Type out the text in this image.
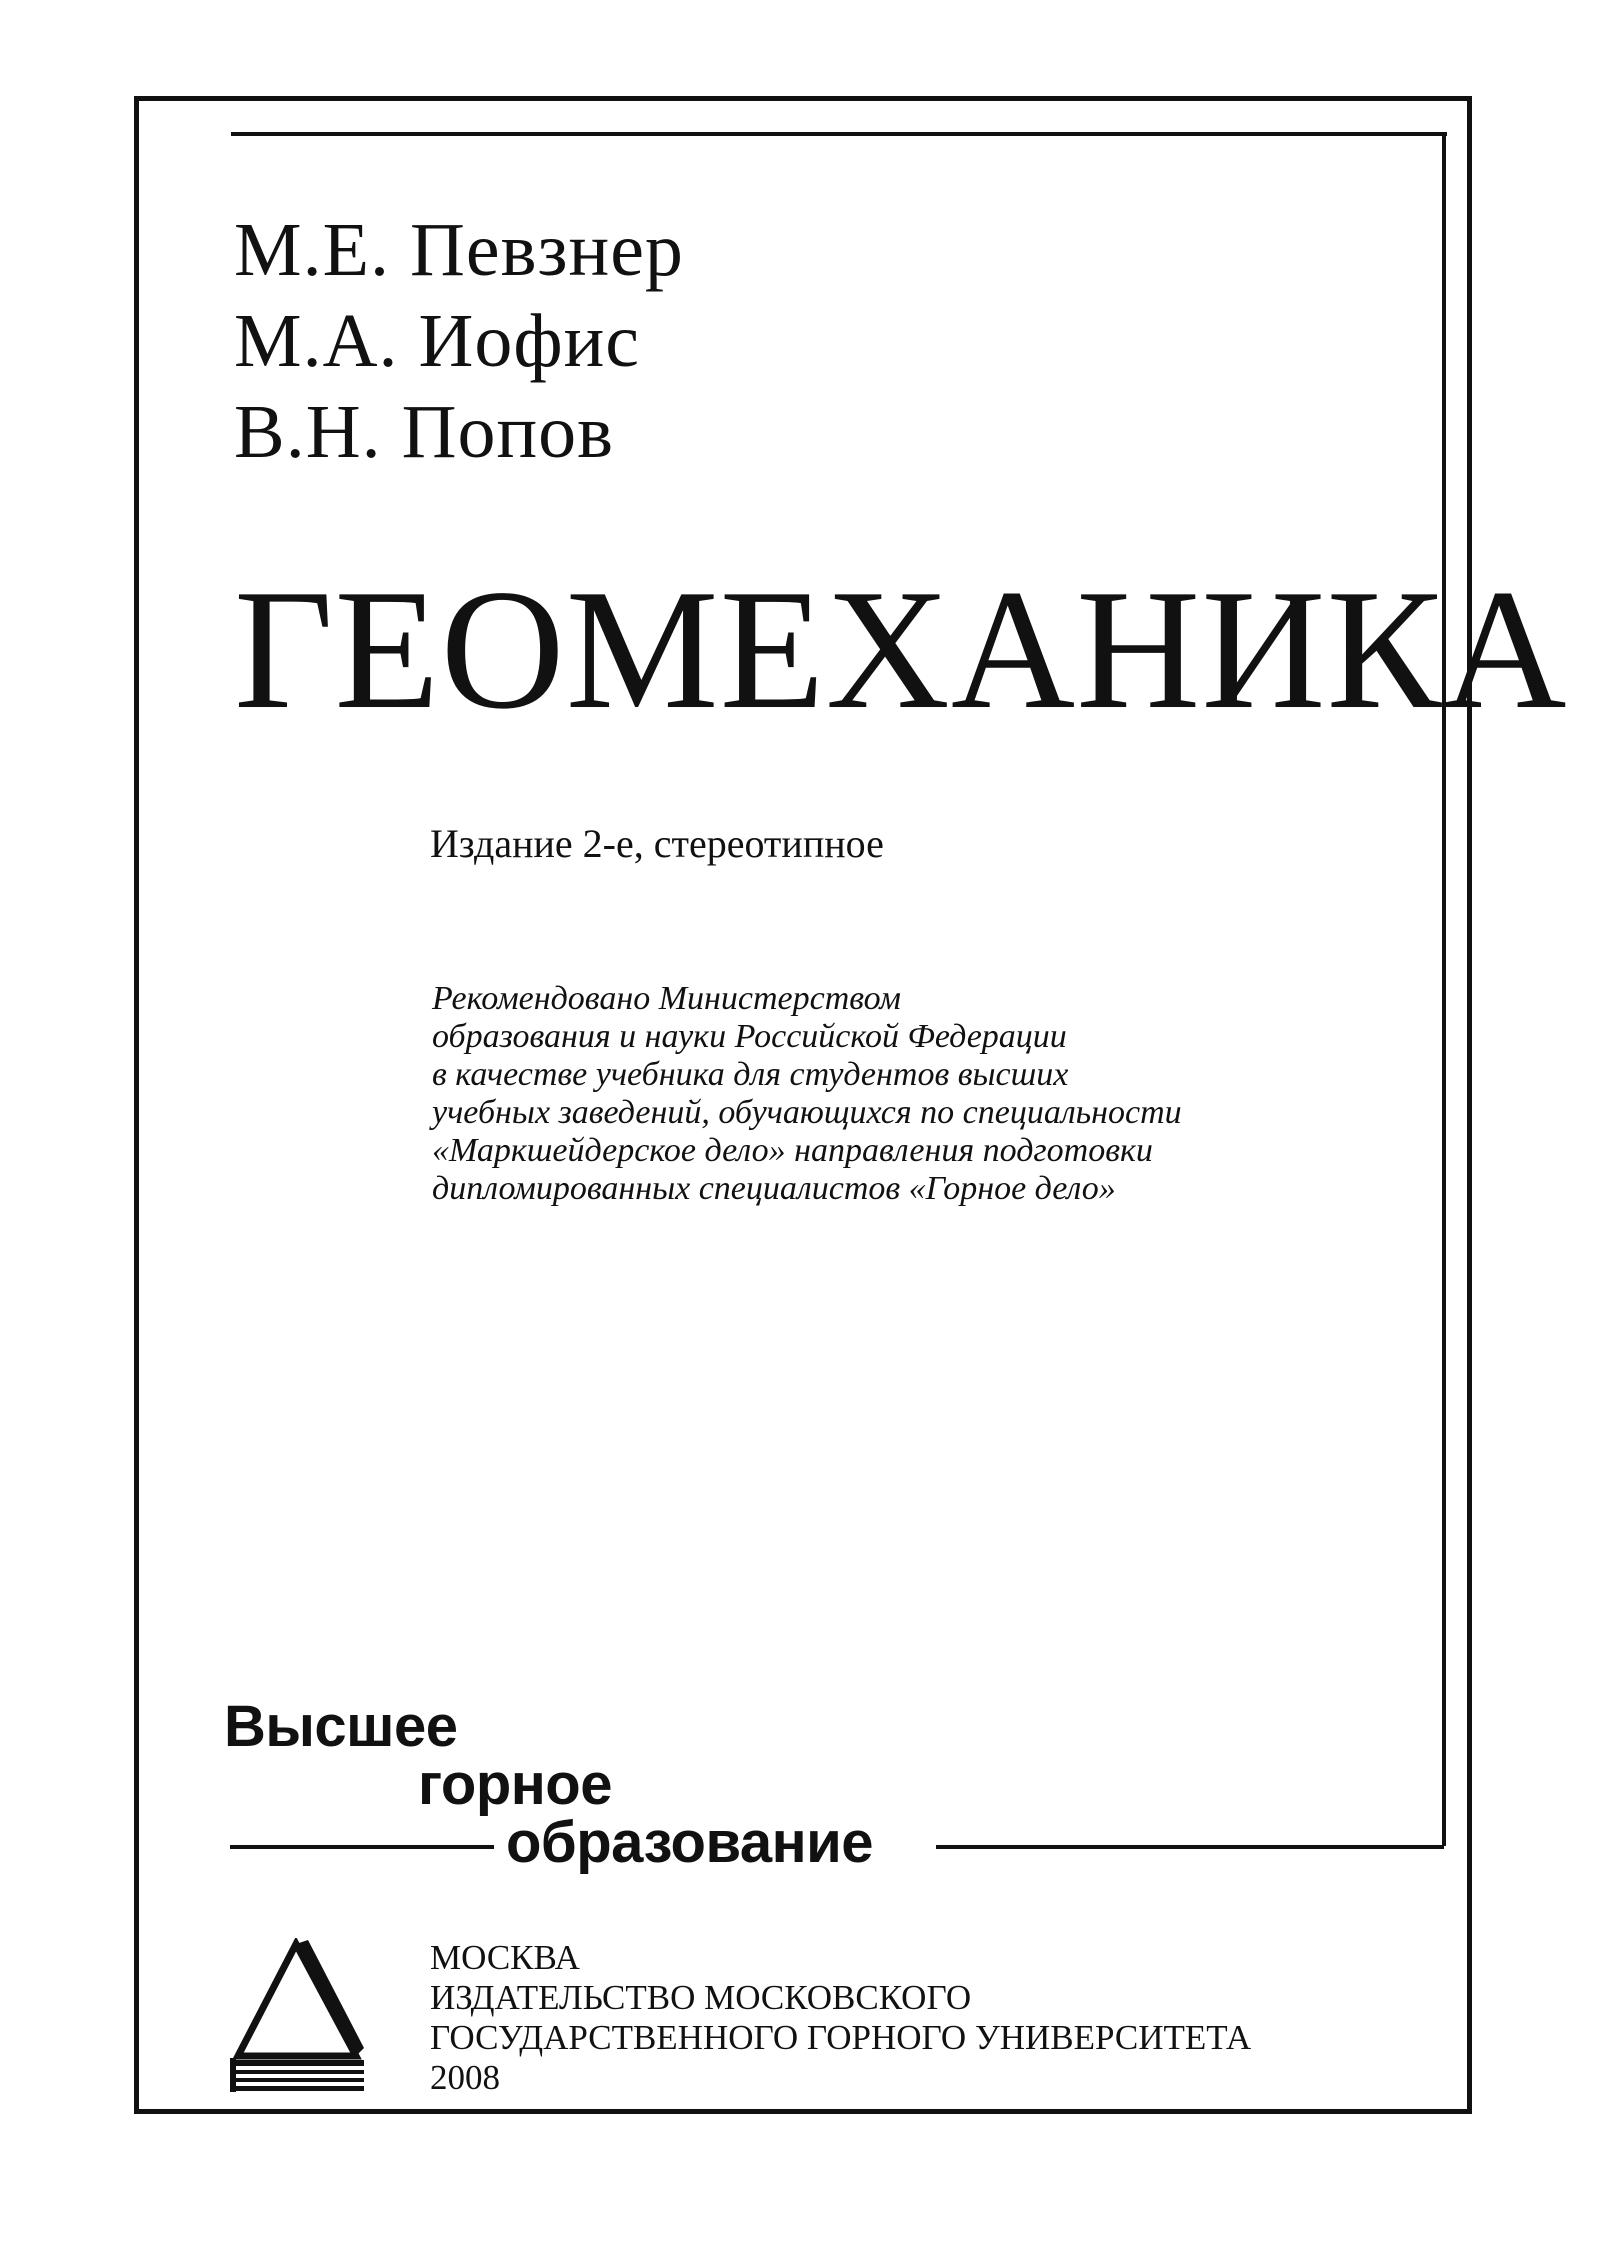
М.Е. Певзнер
М.А. Иофис
В.Н. Попов
ГЕОМЕХАНИКА
Издание 2-е, стереотипное
Рекомендовано Министерством
образования и науки Российской Федерации
в качестве учебника для студентов высших
учебных заведений, обучающихся по специальности
«Маркшейдерское дело» направления подготовки
дипломированных специалистов «Горное дело»
Высшее
горное
образование
МОСКВА
ИЗДАТЕЛЬСТВО МОСКОВСКОГО
ГОСУДАРСТВЕННОГО ГОРНОГО УНИВЕРСИТЕТА
2008
